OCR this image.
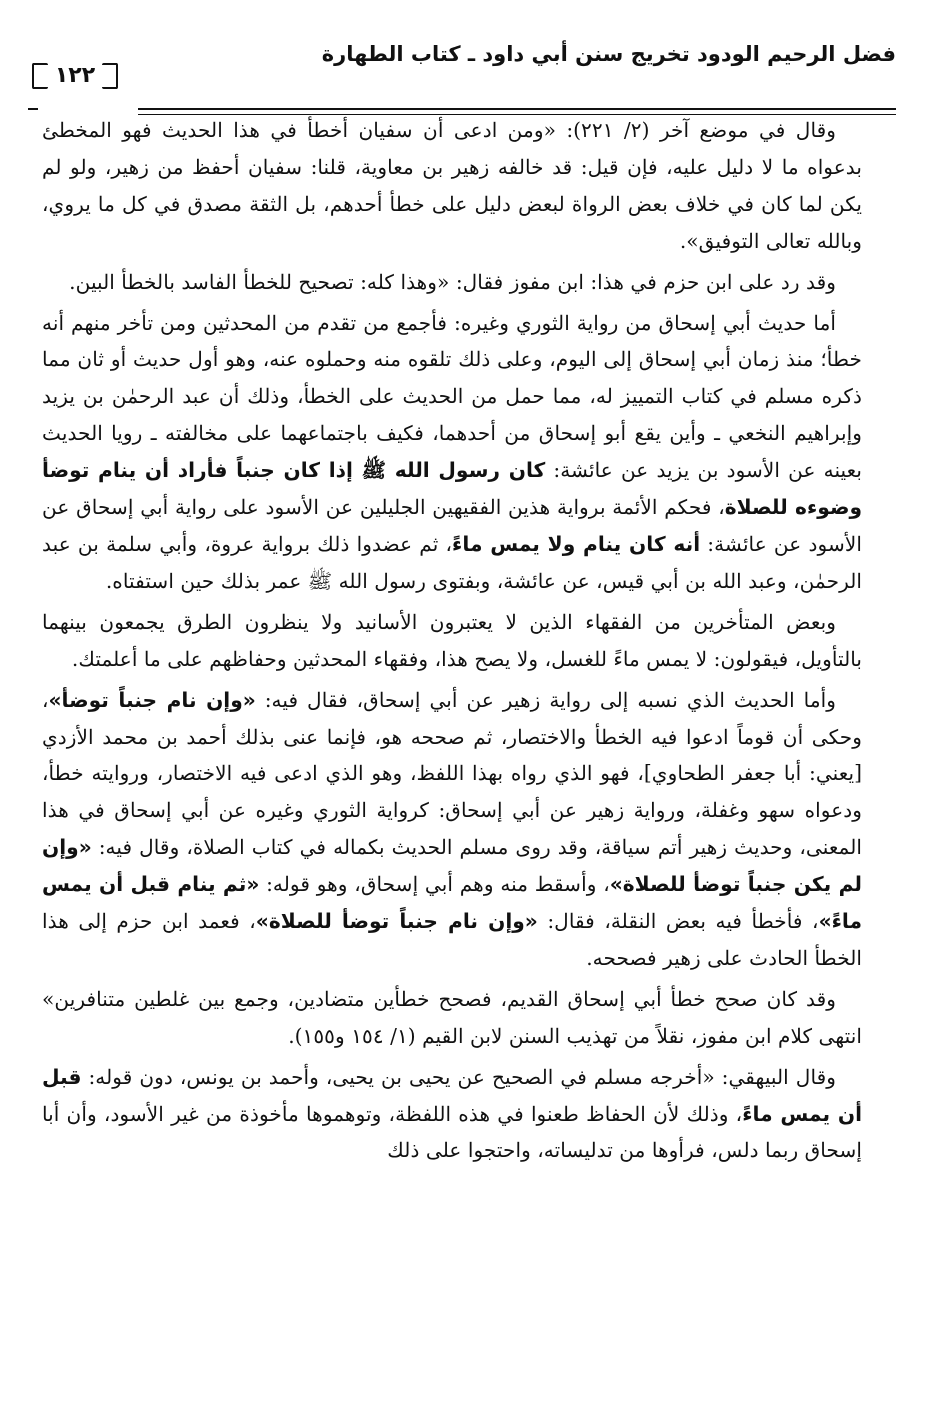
فضل الرحيم الودود تخريج سنن أبي داود ـ كتاب الطهارة
١٢٢

وقال في موضع آخر (٢/ ٢٢١): «ومن ادعى أن سفيان أخطأ في هذا الحديث فهو المخطئ بدعواه ما لا دليل عليه، فإن قيل: قد خالفه زهير بن معاوية، قلنا: سفيان أحفظ من زهير، ولو لم يكن لما كان في خلاف بعض الرواة لبعض دليل على خطأ أحدهم، بل الثقة مصدق في كل ما يروي، وبالله تعالى التوفيق».

وقد رد على ابن حزم في هذا: ابن مفوز فقال: «وهذا كله: تصحيح للخطأ الفاسد بالخطأ البين.

أما حديث أبي إسحاق من رواية الثوري وغيره: فأجمع من تقدم من المحدثين ومن تأخر منهم أنه خطأ؛ منذ زمان أبي إسحاق إلى اليوم، وعلى ذلك تلقوه منه وحملوه عنه، وهو أول حديث أو ثان مما ذكره مسلم في كتاب التمييز له، مما حمل من الحديث على الخطأ، وذلك أن عبد الرحمٰن بن يزيد وإبراهيم النخعي ـ وأين يقع أبو إسحاق من أحدهما، فكيف باجتماعهما على مخالفته ـ رويا الحديث بعينه عن الأسود بن يزيد عن عائشة: كان رسول الله ﷺ إذا كان جنباً فأراد أن ينام توضأ وضوءه للصلاة، فحكم الأئمة برواية هذين الفقيهين الجليلين عن الأسود على رواية أبي إسحاق عن الأسود عن عائشة: أنه كان ينام ولا يمس ماءً، ثم عضدوا ذلك برواية عروة، وأبي سلمة بن عبد الرحمٰن، وعبد الله بن أبي قيس، عن عائشة، وبفتوى رسول الله ﷺ عمر بذلك حين استفتاه.

وبعض المتأخرين من الفقهاء الذين لا يعتبرون الأسانيد ولا ينظرون الطرق يجمعون بينهما بالتأويل، فيقولون: لا يمس ماءً للغسل، ولا يصح هذا، وفقهاء المحدثين وحفاظهم على ما أعلمتك.

وأما الحديث الذي نسبه إلى رواية زهير عن أبي إسحاق، فقال فيه: «وإن نام جنباً توضأ»، وحكى أن قوماً ادعوا فيه الخطأ والاختصار، ثم صححه هو، فإنما عنى بذلك أحمد بن محمد الأزدي [يعني: أبا جعفر الطحاوي]، فهو الذي رواه بهذا اللفظ، وهو الذي ادعى فيه الاختصار، وروايته خطأ، ودعواه سهو وغفلة، ورواية زهير عن أبي إسحاق: كرواية الثوري وغيره عن أبي إسحاق في هذا المعنى، وحديث زهير أتم سياقة، وقد روى مسلم الحديث بكماله في كتاب الصلاة، وقال فيه: «وإن لم يكن جنباً توضأ للصلاة»، وأسقط منه وهم أبي إسحاق، وهو قوله: «ثم ينام قبل أن يمس ماءً»، فأخطأ فيه بعض النقلة، فقال: «وإن نام جنباً توضأ للصلاة»، فعمد ابن حزم إلى هذا الخطأ الحادث على زهير فصححه.

وقد كان صحح خطأ أبي إسحاق القديم، فصحح خطأين متضادين، وجمع بين غلطين متنافرين» انتهى كلام ابن مفوز، نقلاً من تهذيب السنن لابن القيم (١/ ١٥٤ و١٥٥).

وقال البيهقي: «أخرجه مسلم في الصحيح عن يحيى بن يحيى، وأحمد بن يونس، دون قوله: قبل أن يمس ماءً، وذلك لأن الحفاظ طعنوا في هذه اللفظة، وتوهموها مأخوذة من غير الأسود، وأن أبا إسحاق ربما دلس، فرأوها من تدليساته، واحتجوا على ذلك
